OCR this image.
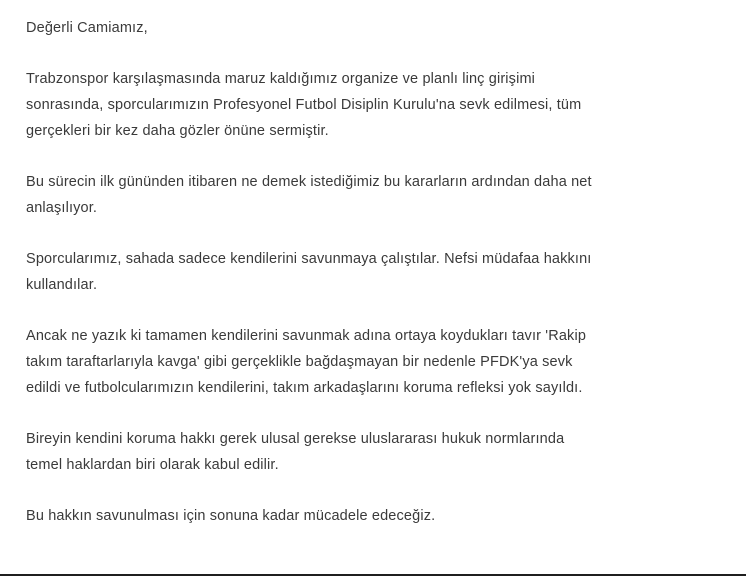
Değerli Camiamız,

Trabzonspor karşılaşmasında maruz kaldığımız organize ve planlı linç girişimi
sonrasında, sporcularımızın Profesyonel Futbol Disiplin Kurulu'na sevk edilmesi, tüm
gerçekleri bir kez daha gözler önüne sermiştir.

Bu sürecin ilk gününden itibaren ne demek istediğimiz bu kararların ardından daha net
anlaşılıyor.

Sporcularımız, sahada sadece kendilerini savunmaya çalıştılar. Nefsi müdafaa hakkını
kullandılar.

Ancak ne yazık ki tamamen kendilerini savunmak adına ortaya koydukları tavır 'Rakip
takım taraftarlarıyla kavga' gibi gerçeklikle bağdaşmayan bir nedenle PFDK'ya sevk
edildi ve futbolcularımızın kendilerini, takım arkadaşlarını koruma refleksi yok sayıldı.

Bireyin kendini koruma hakkı gerek ulusal gerekse uluslararası hukuk normlarında
temel haklardan biri olarak kabul edilir.

Bu hakkın savunulması için sonuna kadar mücadele edeceğiz.
